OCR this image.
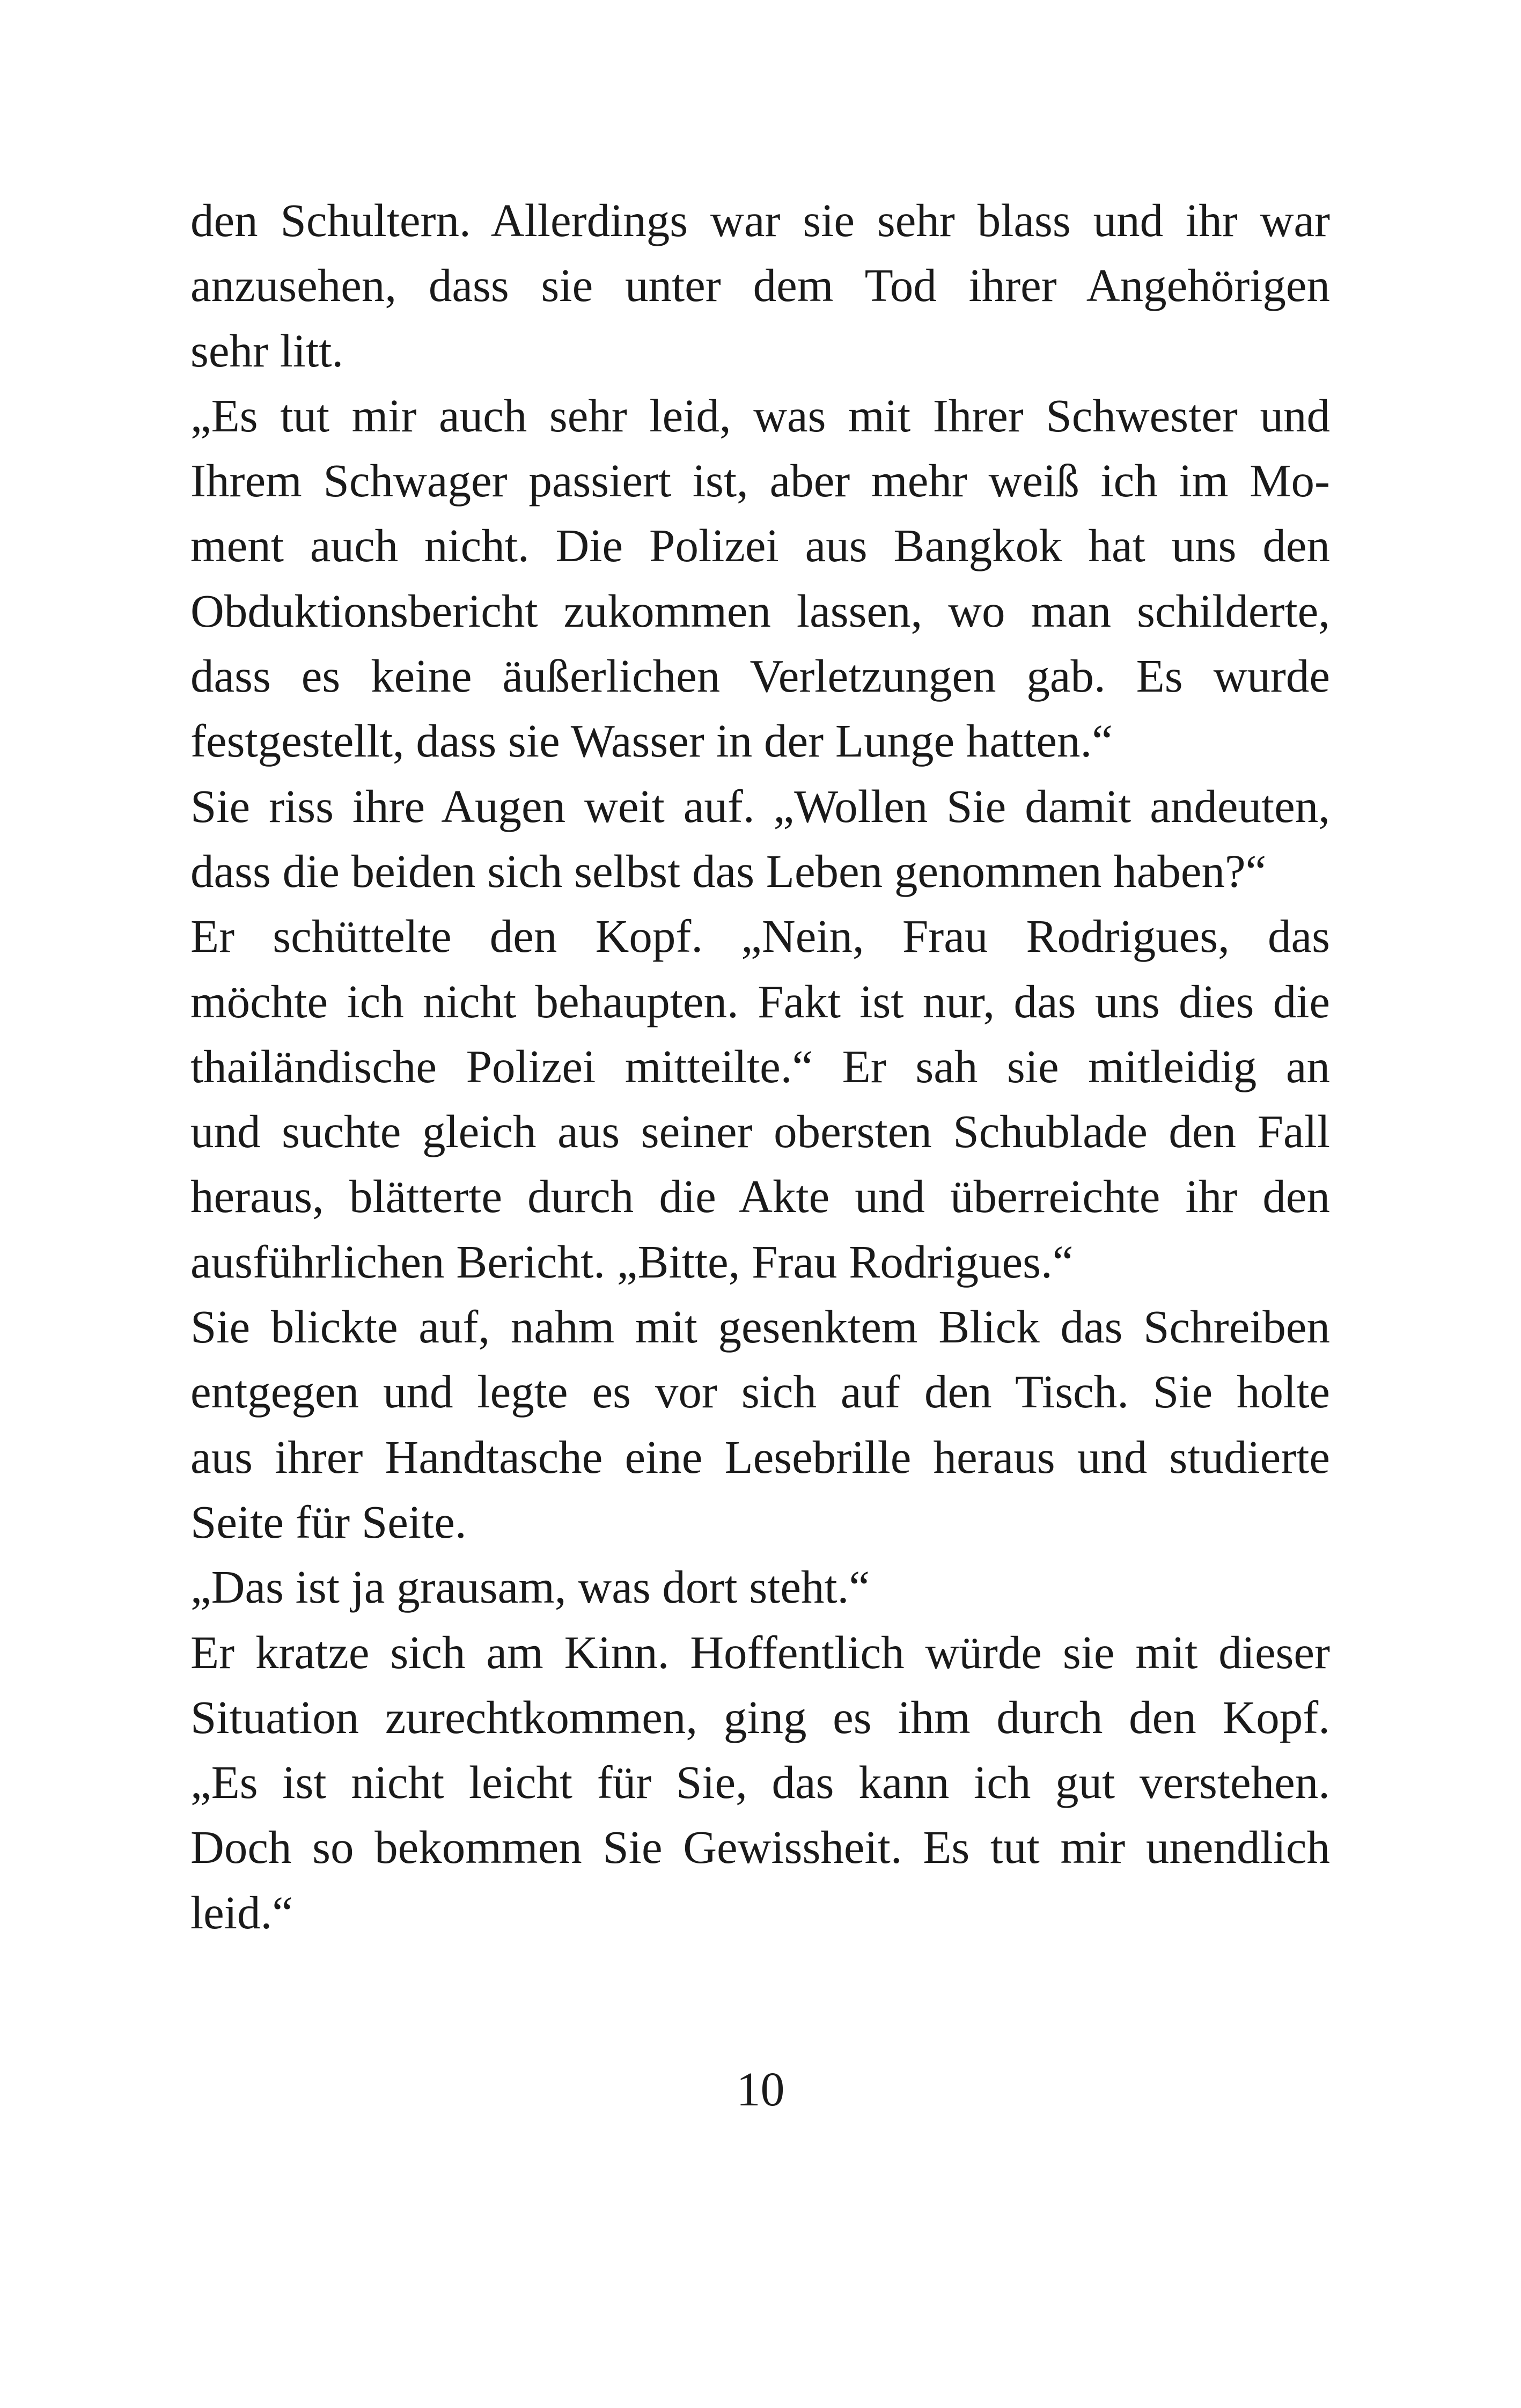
den Schultern. Allerdings war sie sehr blass und ihr war
anzusehen, dass sie unter dem Tod ihrer Angehörigen
sehr litt.
„Es tut mir auch sehr leid, was mit Ihrer Schwester und
Ihrem Schwager passiert ist, aber mehr weiß ich im Mo-
ment auch nicht. Die Polizei aus Bangkok hat uns den
Obduktionsbericht zukommen lassen, wo man schilderte,
dass es keine äußerlichen Verletzungen gab. Es wurde
festgestellt, dass sie Wasser in der Lunge hatten.“
Sie riss ihre Augen weit auf. „Wollen Sie damit andeuten,
dass die beiden sich selbst das Leben genommen haben?“
Er schüttelte den Kopf. „Nein, Frau Rodrigues, das
möchte ich nicht behaupten. Fakt ist nur, das uns dies die
thailändische Polizei mitteilte.“ Er sah sie mitleidig an
und suchte gleich aus seiner obersten Schublade den Fall
heraus, blätterte durch die Akte und überreichte ihr den
ausführlichen Bericht. „Bitte, Frau Rodrigues.“
Sie blickte auf, nahm mit gesenktem Blick das Schreiben
entgegen und legte es vor sich auf den Tisch. Sie holte
aus ihrer Handtasche eine Lesebrille heraus und studierte
Seite für Seite.
„Das ist ja grausam, was dort steht.“
Er kratze sich am Kinn. Hoffentlich würde sie mit dieser
Situation zurechtkommen, ging es ihm durch den Kopf.
„Es ist nicht leicht für Sie, das kann ich gut verstehen.
Doch so bekommen Sie Gewissheit. Es tut mir unendlich
leid.“
10
